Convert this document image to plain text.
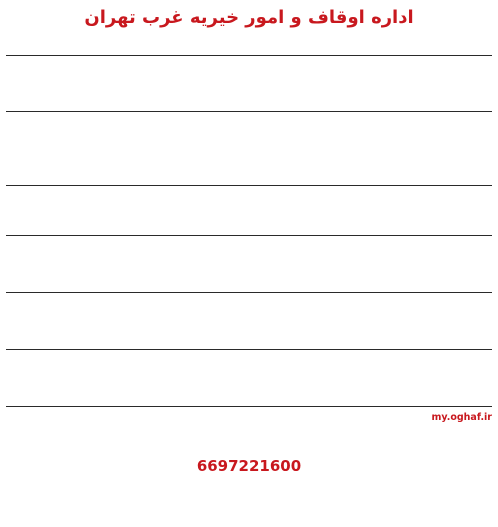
اداره اوقاف و امور خیریه غرب تهران
my.oghaf.ir
6697221600
